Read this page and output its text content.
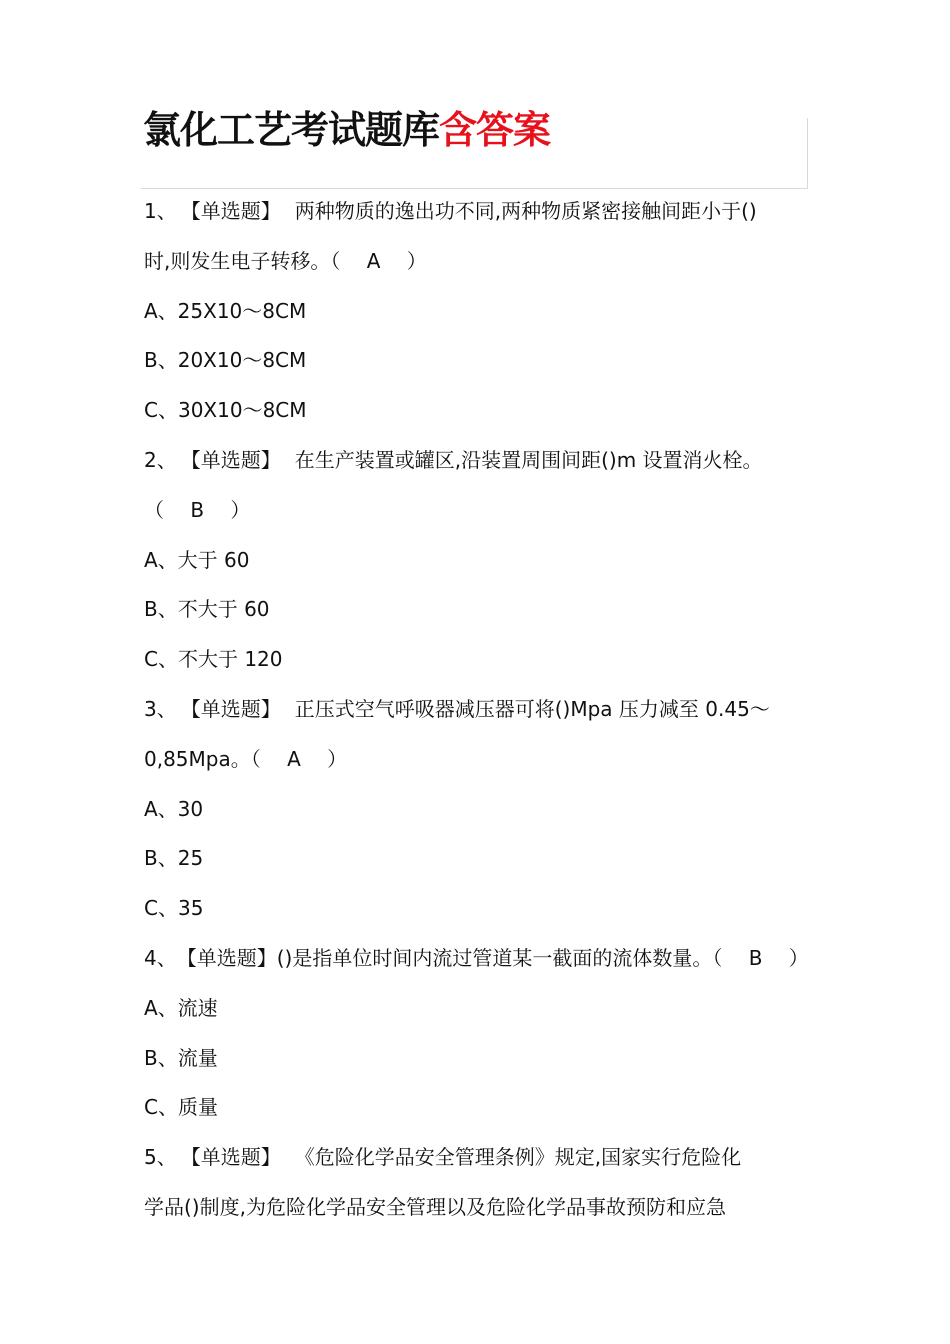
氯化工艺考试题库含答案
1、 【单选题】 两种物质的逸出功不同,两种物质紧密接触间距小于()
时,则发生电子转移。（　 A　 ）
A、25X10～8CM
B、20X10～8CM
C、30X10～8CM
2、 【单选题】 在生产装置或罐区,沿装置周围间距()m 设置消火栓。
（　 B　 ）
A、大于 60
B、不大于 60
C、不大于 120
3、 【单选题】 正压式空气呼吸器减压器可将()Mpa 压力减至 0.45～
0,85Mpa。（　 A　 ）
A、30
B、25
C、35
4、【单选题】()是指单位时间内流过管道某一截面的流体数量。（　 B　 ）
A、流速
B、流量
C、质量
5、 【单选题】 《危险化学品安全管理条例》规定,国家实行危险化
学品()制度,为危险化学品安全管理以及危险化学品事故预防和应急
